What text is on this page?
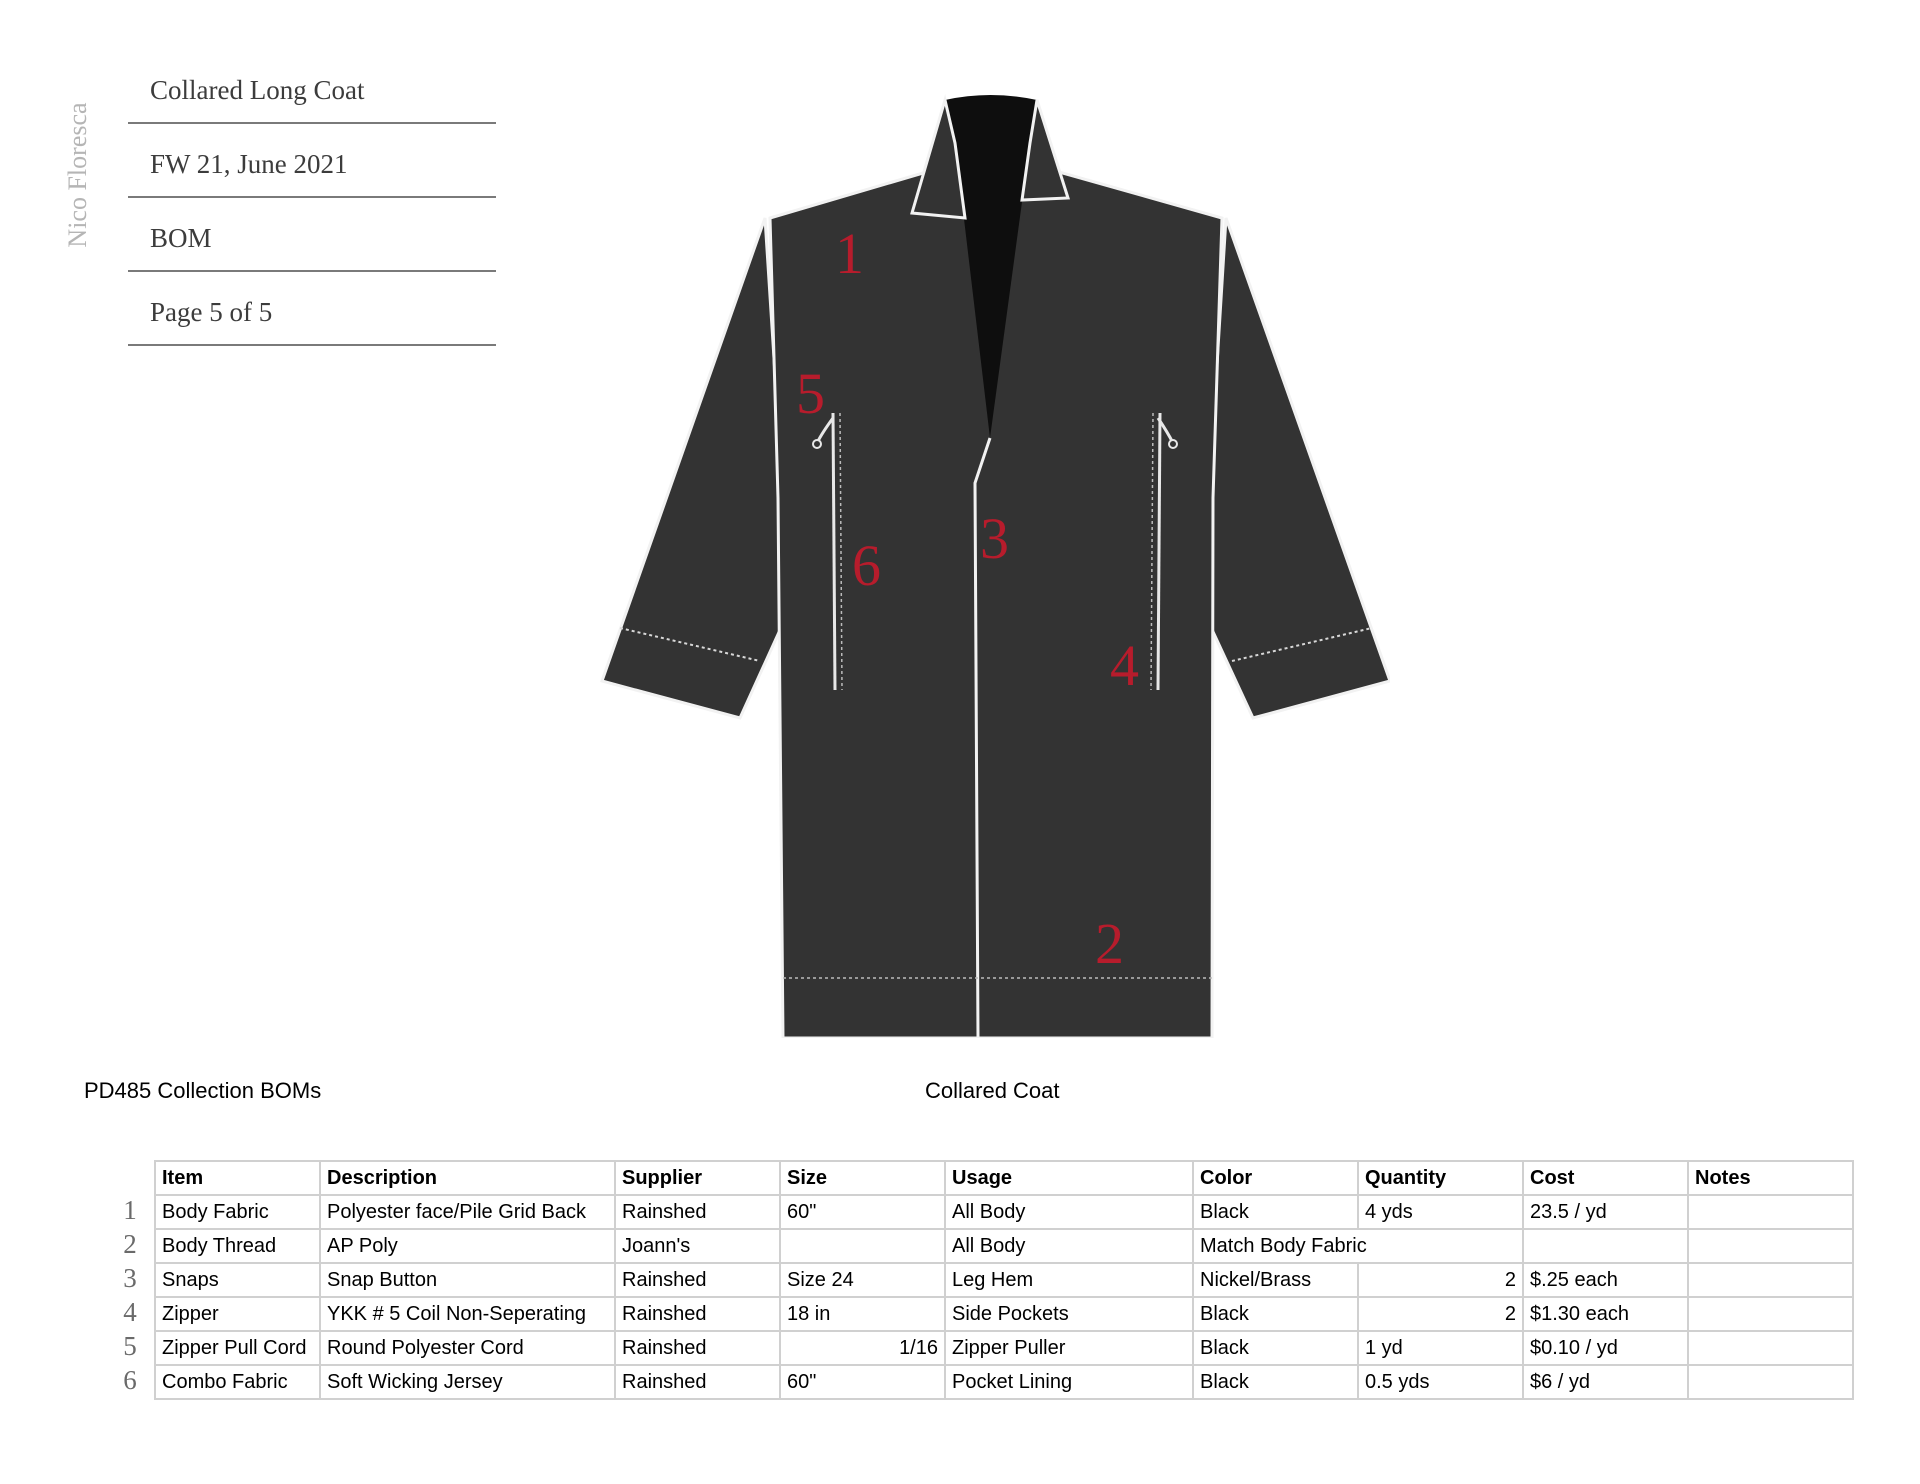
Nico Floresca
Collared Long Coat
FW 21, June 2021
BOM
Page 5 of 5
1
2
3
4
5
6
PD485 Collection BOMs	Collared Coat
1
2
3
4
5
6
Item	Description	Supplier	Size	Usage	Color	Quantity	Cost	Notes
Body Fabric	Polyester face/Pile Grid Back	Rainshed	60"	All Body	Black	4 yds	23.5 / yd	
Body Thread	AP Poly	Joann's		All Body	Match Body Fabric			
Snaps	Snap Button	Rainshed	Size 24	Leg Hem	Nickel/Brass	2	$.25 each	
Zipper	YKK # 5 Coil Non-Seperating	Rainshed	18 in	Side Pockets	Black	2	$1.30 each	
Zipper Pull Cord	Round Polyester Cord	Rainshed	1/16	Zipper Puller	Black	1 yd	$0.10 / yd	
Combo Fabric	Soft Wicking Jersey	Rainshed	60"	Pocket Lining	Black	0.5 yds	$6 / yd	
